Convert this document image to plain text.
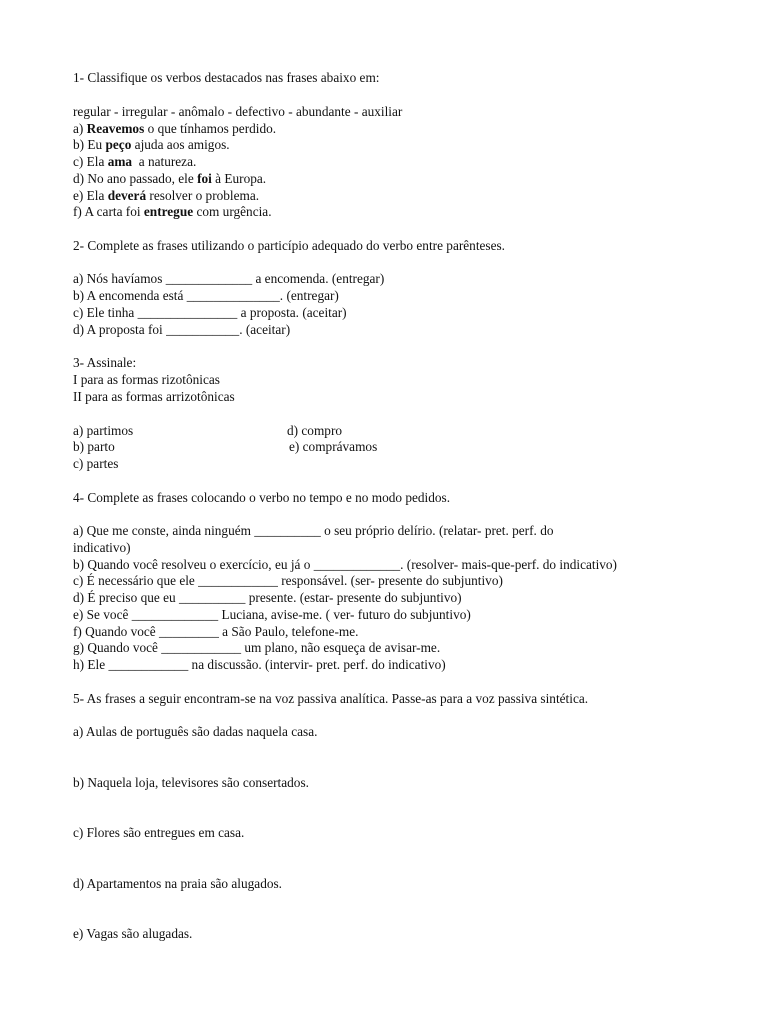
1- Classifique os verbos destacados nas frases abaixo em:
regular - irregular - anômalo - defectivo - abundante - auxiliar
a) Reavemos o que tínhamos perdido.
b) Eu peço ajuda aos amigos.
c) Ela ama  a natureza.
d) No ano passado, ele foi à Europa.
e) Ela deverá resolver o problema.
f) A carta foi entregue com urgência.
2- Complete as frases utilizando o particípio adequado do verbo entre parênteses.
a) Nós havíamos _____________ a encomenda. (entregar)
b) A encomenda está ______________. (entregar)
c) Ele tinha _______________ a proposta. (aceitar)
d) A proposta foi ___________. (aceitar)
3- Assinale:
I para as formas rizotônicas
II para as formas arrizotônicas
a) partimos
b) parto
c) partes
d) compro
e) comprávamos
4- Complete as frases colocando o verbo no tempo e no modo pedidos.
a) Que me conste, ainda ninguém __________ o seu próprio delírio. (relatar- pret. perf. do
indicativo)
b) Quando você resolveu o exercício, eu já o _____________. (resolver- mais-que-perf. do indicativo)
c) É necessário que ele ____________ responsável. (ser- presente do subjuntivo)
d) É preciso que eu __________ presente. (estar- presente do subjuntivo)
e) Se você _____________ Luciana, avise-me. ( ver- futuro do subjuntivo)
f) Quando você _________ a São Paulo, telefone-me.
g) Quando você ____________ um plano, não esqueça de avisar-me.
h) Ele ____________ na discussão. (intervir- pret. perf. do indicativo)
5- As frases a seguir encontram-se na voz passiva analítica. Passe-as para a voz passiva sintética.
a) Aulas de português são dadas naquela casa.
b) Naquela loja, televisores são consertados.
c) Flores são entregues em casa.
d) Apartamentos na praia são alugados.
e) Vagas são alugadas.
